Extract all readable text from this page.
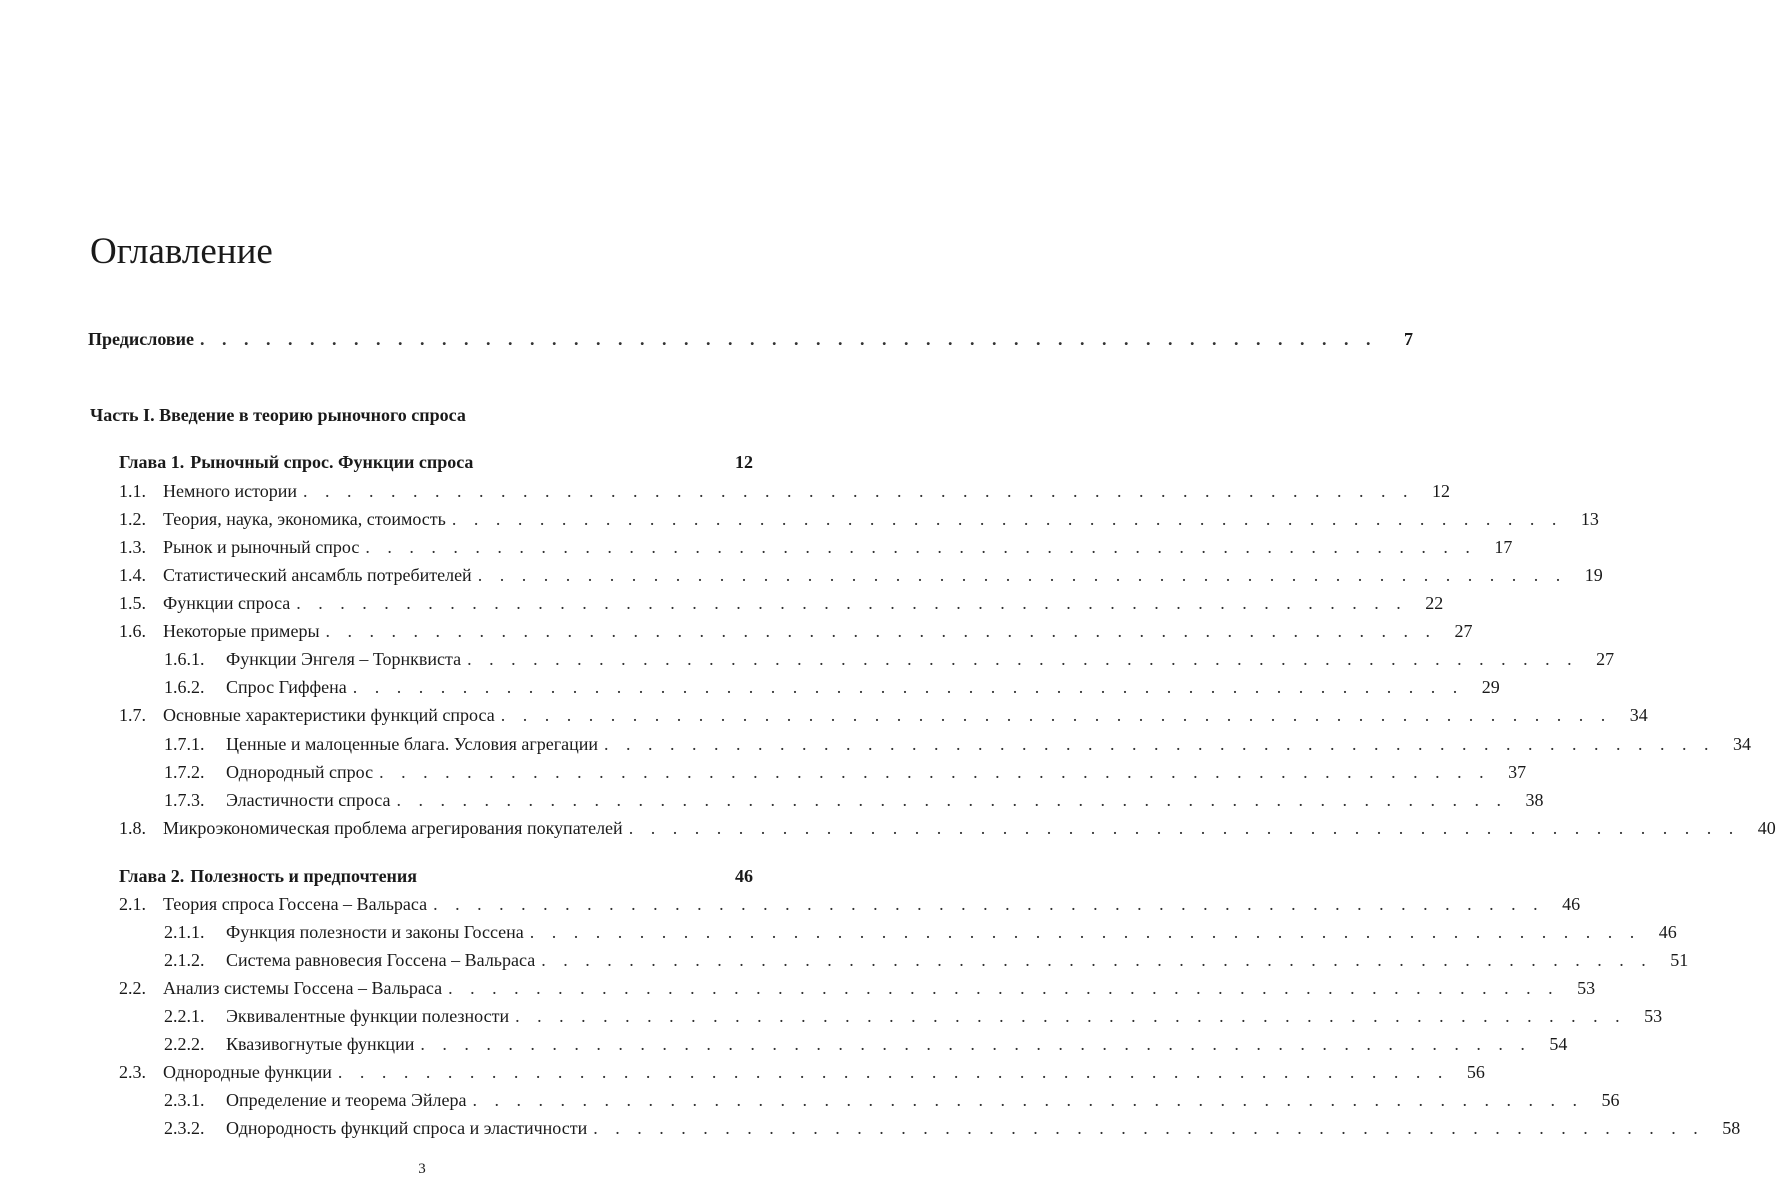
Оглавление
Предисловие . . . . . . . . . . . . . . . . . . . . . . . . . . . . . . . . . . . . . . . . . . . . . . . . . . . . . .	7
Часть I. Введение в теорию рыночного спроса
Глава 1. Рыночный спрос. Функции спроса	12
1.1. Немного истории . . . . . . . . . . . . . . . . . . . . . . . . . . . . . . . . . . . . . . . . . . . . . . . . . . . 12
1.2. Теория, наука, экономика, стоимость . . . . . . . . . . . . . . . . . . . . . . . . . . . . . . . . . . . . . . . . . . . . . . . . . . . 13
1.3. Рынок и рыночный спрос . . . . . . . . . . . . . . . . . . . . . . . . . . . . . . . . . . . . . . . . . . . . . . . . . . . 17
1.4. Статистический ансамбль потребителей . . . . . . . . . . . . . . . . . . . . . . . . . . . . . . . . . . . . . . . . . . . . . . . . . . 19
1.5. Функции спроса . . . . . . . . . . . . . . . . . . . . . . . . . . . . . . . . . . . . . . . . . . . . . . . . . . . 22
1.6. Некоторые примеры . . . . . . . . . . . . . . . . . . . . . . . . . . . . . . . . . . . . . . . . . . . . . . . . . . . 27
1.6.1.	Функции Энгеля – Торнквиста . . . . . . . . . . . . . . . . . . . . . . . . . . . . . . . . . . . . . . . . . . . . . . . . . . . 27
1.6.2.	Спрос Гиффена . . . . . . . . . . . . . . . . . . . . . . . . . . . . . . . . . . . . . . . . . . . . . . . . . . . 29
1.7. Основные характеристики функций спроса . . . . . . . . . . . . . . . . . . . . . . . . . . . . . . . . . . . . . . . . . . . . . . . . . . . 34
1.7.1.	Ценные и малоценные блага. Условия агрегации . . . . . . . . . . . . . . . . . . . . . . . . . . . . . . . . . . . . . . . . . . . . . . . . . . . 34
1.7.2.	Однородный спрос . . . . . . . . . . . . . . . . . . . . . . . . . . . . . . . . . . . . . . . . . . . . . . . . . . . 37
1.7.3.	Эластичности спроса . . . . . . . . . . . . . . . . . . . . . . . . . . . . . . . . . . . . . . . . . . . . . . . . . . . 38
1.8. Микроэкономическая проблема агрегирования покупателей . . . . . . . . . . . . . . . . . . . . . . . . . . . . . . . . . . . . . . . . . . . . . . . . . . . 40
Глава 2. Полезность и предпочтения	46
2.1. Теория спроса Госсена – Вальраса . . . . . . . . . . . . . . . . . . . . . . . . . . . . . . . . . . . . . . . . . . . . . . . . . . . 46
2.1.1.	Функция полезности и законы Госсена . . . . . . . . . . . . . . . . . . . . . . . . . . . . . . . . . . . . . . . . . . . . . . . . . . . 46
2.1.2.	Система равновесия Госсена – Вальраса . . . . . . . . . . . . . . . . . . . . . . . . . . . . . . . . . . . . . . . . . . . . . . . . . . . 51
2.2. Анализ системы Госсена – Вальраса . . . . . . . . . . . . . . . . . . . . . . . . . . . . . . . . . . . . . . . . . . . . . . . . . . . 53
2.2.1.	Эквивалентные функции полезности . . . . . . . . . . . . . . . . . . . . . . . . . . . . . . . . . . . . . . . . . . . . . . . . . . . 53
2.2.2.	Квазивогнутые функции . . . . . . . . . . . . . . . . . . . . . . . . . . . . . . . . . . . . . . . . . . . . . . . . . . . 54
2.3. Однородные функции . . . . . . . . . . . . . . . . . . . . . . . . . . . . . . . . . . . . . . . . . . . . . . . . . . . 56
2.3.1.	Определение и теорема Эйлера . . . . . . . . . . . . . . . . . . . . . . . . . . . . . . . . . . . . . . . . . . . . . . . . . . . 56
2.3.2.	Однородность функций спроса и эластичности . . . . . . . . . . . . . . . . . . . . . . . . . . . . . . . . . . . . . . . . . . . . . . . . . . . 58
3
